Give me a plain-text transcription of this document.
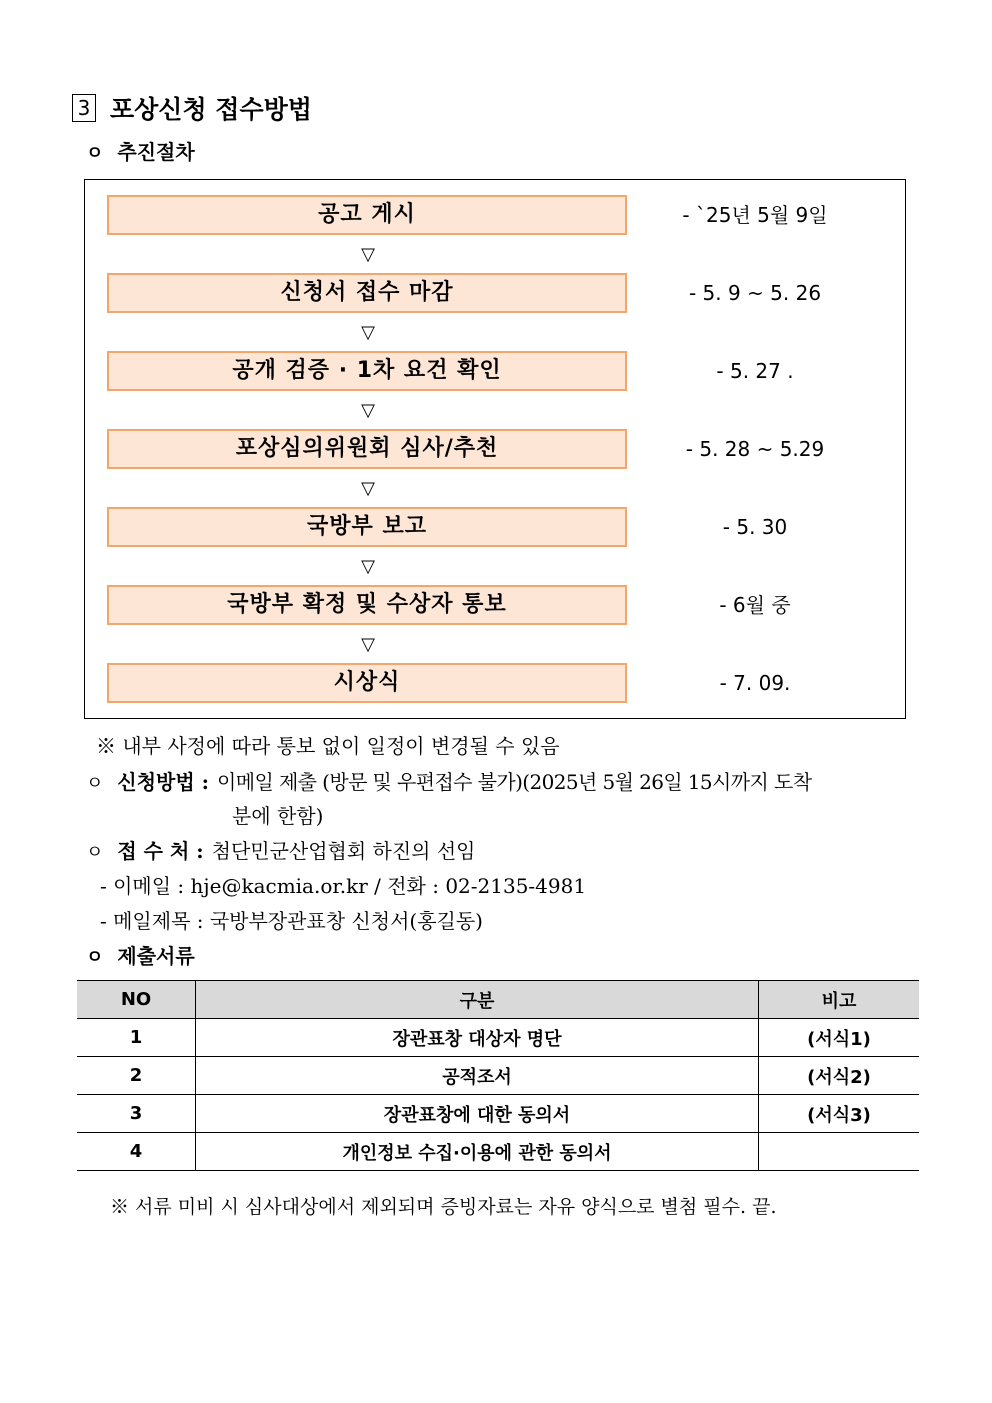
3 포상신청 접수방법
ㅇ 추진절차
공고 게시	- `25년 5월 9일
▽
신청서 접수 마감	- 5. 9 ~ 5. 26
▽
공개 검증 · 1차 요건 확인	- 5. 27 .
▽
포상심의위원회 심사/추천	- 5. 28 ~ 5.29
▽
국방부 보고	- 5. 30
▽
국방부 확정 및 수상자 통보	- 6월 중
▽
시상식	- 7. 09.
※ 내부 사정에 따라 통보 없이 일정이 변경될 수 있음
ㅇ 신청방법 : 이메일 제출 (방문 및 우편접수 불가)(2025년 5월 26일 15시까지 도착
분에 한함)
ㅇ 접 수 처 : 첨단민군산업협회 하진의 선임
- 이메일 : hje@kacmia.or.kr / 전화 : 02-2135-4981
- 메일제목 : 국방부장관표창 신청서(홍길동)
ㅇ 제출서류
NO	구분	비고
1	장관표창 대상자 명단	(서식1)
2	공적조서	(서식2)
3	장관표창에 대한 동의서	(서식3)
4	개인정보 수집·이용에 관한 동의서	
※ 서류 미비 시 심사대상에서 제외되며 증빙자료는 자유 양식으로 별첨 필수. 끝.
